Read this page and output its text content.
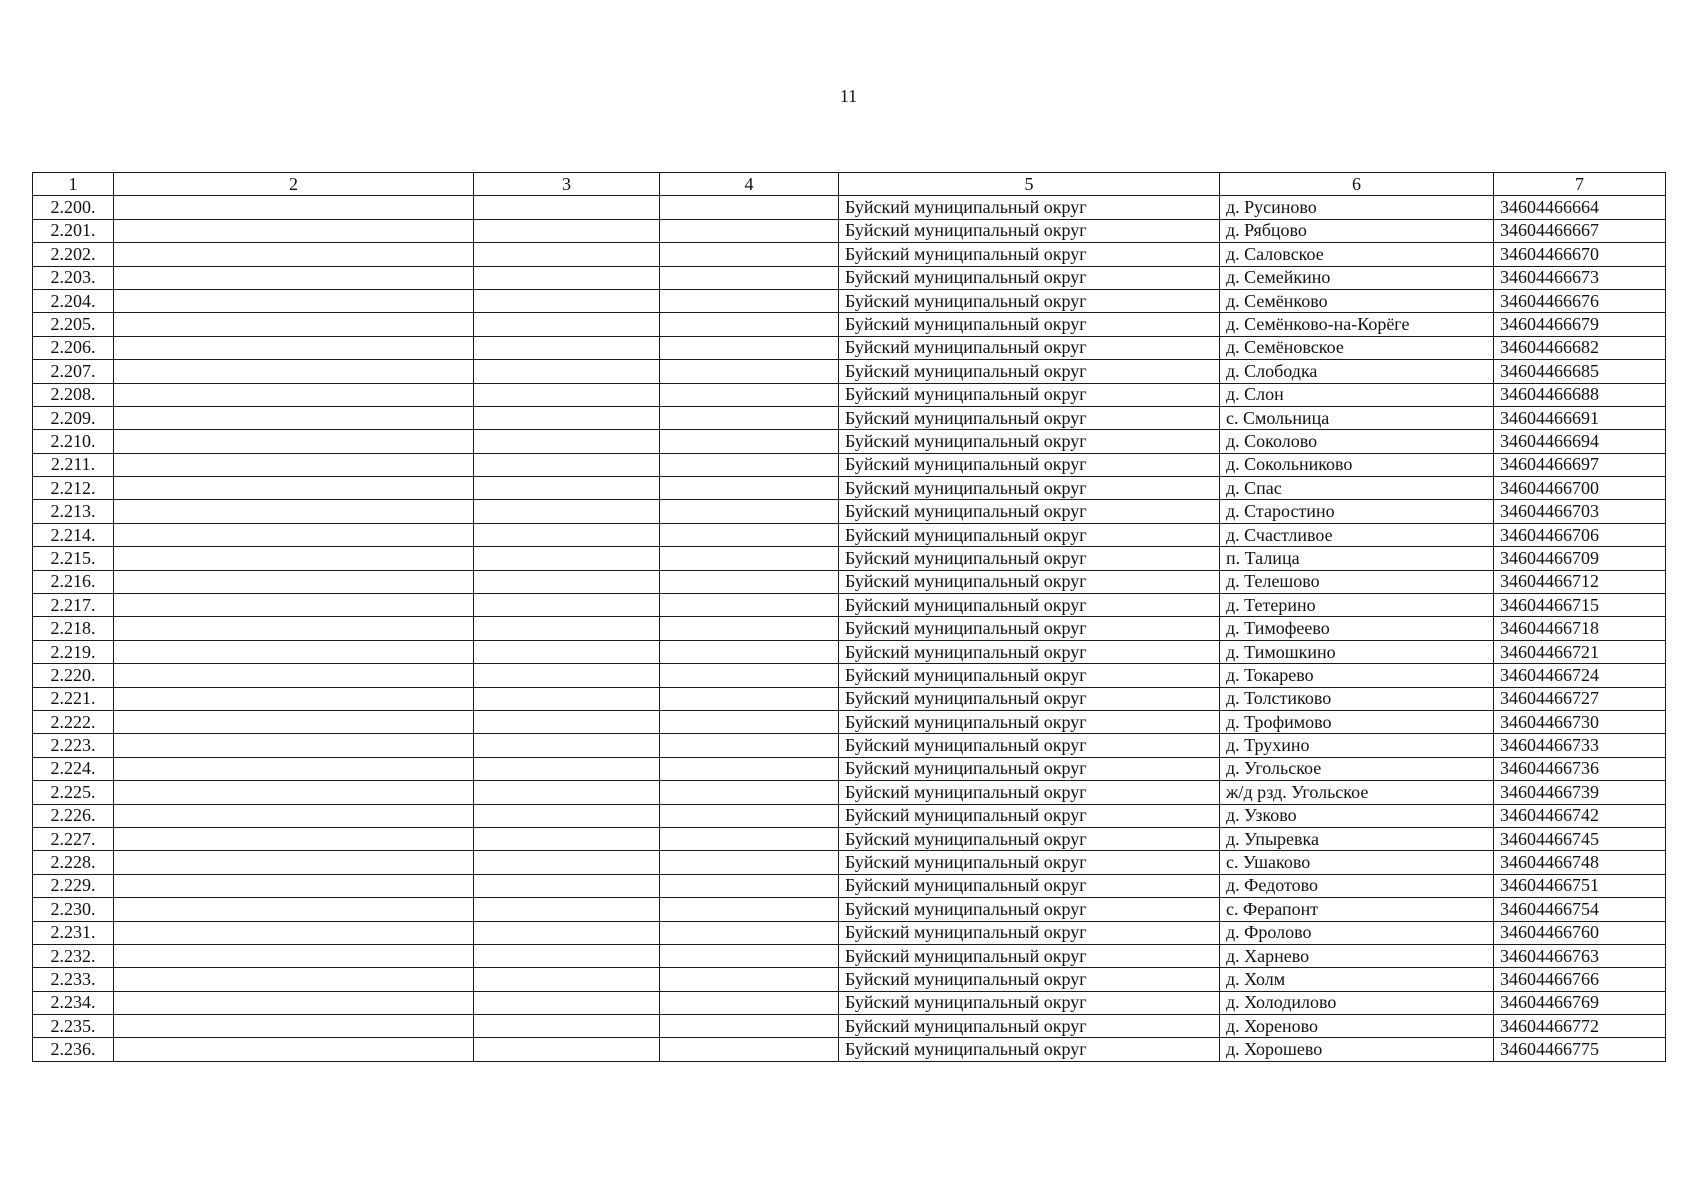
11
1	2	3	4	5	6	7
2.200.				Буйский муниципальный округ	д. Русиново	34604466664
2.201.				Буйский муниципальный округ	д. Рябцово	34604466667
2.202.				Буйский муниципальный округ	д. Саловское	34604466670
2.203.				Буйский муниципальный округ	д. Семейкино	34604466673
2.204.				Буйский муниципальный округ	д. Семёнково	34604466676
2.205.				Буйский муниципальный округ	д. Семёнково-на-Корёге	34604466679
2.206.				Буйский муниципальный округ	д. Семёновское	34604466682
2.207.				Буйский муниципальный округ	д. Слободка	34604466685
2.208.				Буйский муниципальный округ	д. Слон	34604466688
2.209.				Буйский муниципальный округ	с. Смольница	34604466691
2.210.				Буйский муниципальный округ	д. Соколово	34604466694
2.211.				Буйский муниципальный округ	д. Сокольниково	34604466697
2.212.				Буйский муниципальный округ	д. Спас	34604466700
2.213.				Буйский муниципальный округ	д. Старостино	34604466703
2.214.				Буйский муниципальный округ	д. Счастливое	34604466706
2.215.				Буйский муниципальный округ	п. Талица	34604466709
2.216.				Буйский муниципальный округ	д. Телешово	34604466712
2.217.				Буйский муниципальный округ	д. Тетерино	34604466715
2.218.				Буйский муниципальный округ	д. Тимофеево	34604466718
2.219.				Буйский муниципальный округ	д. Тимошкино	34604466721
2.220.				Буйский муниципальный округ	д. Токарево	34604466724
2.221.				Буйский муниципальный округ	д. Толстиково	34604466727
2.222.				Буйский муниципальный округ	д. Трофимово	34604466730
2.223.				Буйский муниципальный округ	д. Трухино	34604466733
2.224.				Буйский муниципальный округ	д. Угольское	34604466736
2.225.				Буйский муниципальный округ	ж/д рзд. Угольское	34604466739
2.226.				Буйский муниципальный округ	д. Узково	34604466742
2.227.				Буйский муниципальный округ	д. Упыревка	34604466745
2.228.				Буйский муниципальный округ	с. Ушаково	34604466748
2.229.				Буйский муниципальный округ	д. Федотово	34604466751
2.230.				Буйский муниципальный округ	с. Ферапонт	34604466754
2.231.				Буйский муниципальный округ	д. Фролово	34604466760
2.232.				Буйский муниципальный округ	д. Харнево	34604466763
2.233.				Буйский муниципальный округ	д. Холм	34604466766
2.234.				Буйский муниципальный округ	д. Холодилово	34604466769
2.235.				Буйский муниципальный округ	д. Хореново	34604466772
2.236.				Буйский муниципальный округ	д. Хорошево	34604466775
